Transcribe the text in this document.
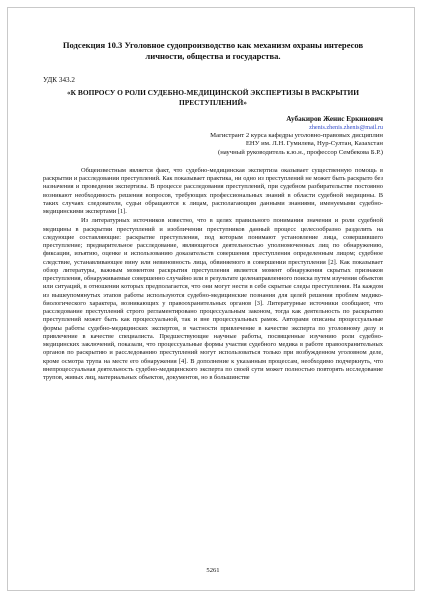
Подсекция 10.3 Уголовное судопроизводство как механизм охраны интересов личности, общества и государства.

УДК 343.2

«К ВОПРОСУ О РОЛИ СУДЕБНО-МЕДИЦИНСКОЙ ЭКСПЕРТИЗЫ В РАСКРЫТИИ ПРЕСТУПЛЕНИЙ»

Аубакиров Женис Еркинович

zhenis.zhenis.zhenis@mail.ru

Магистрант 2 курса кафедры уголовно-правовых дисциплин

ЕНУ им. Л.Н. Гумилева, Нур-Султан, Казахстан

(научный руководитель к.ю.н., профессор Сембекова Б.Р.)

Общеизвестным является факт, что судебно-медицинская экспертиза оказывает существенную помощь в раскрытии и расследовании преступлений. Как показывает практика, ни одно из преступлений не может быть раскрыто без назначения и проведения экспертизы. В процессе расследования преступлений, при судебном разбирательстве постоянно возникают необходимость решения вопросов, требующих профессиональных знаний в области судебной медицины. В таких случаях следователи, судьи обращаются к лицам, располагающим данными знаниями, именуемыми судебно-медицинскими экспертами [1].

Из литературных источников известно, что в целях правильного понимания значения и роли судебной медицины в раскрытии преступлений и изобличении преступников данный процесс целесообразно разделить на следующие составляющие: раскрытие преступления, под которым понимают установление лица, совершившего преступление; предварительное расследование, являющегося деятельностью уполномоченных лиц по обнаружению, фиксации, изъятию, оценке и использованию доказательств совершения преступления определенным лицом; судебное следствие, устанавливающее вину или невиновность лица, обвиняемого в совершении преступления [2]. Как показывает обзор литературы, важным моментом раскрытия преступления является момент обнаружения скрытых признаков преступления, обнаруживаемые совершенно случайно или в результате целенаправленного поиска путем изучения объектов или ситуаций, в отношении которых предполагается, что они могут нести в себе скрытые следы преступления. На каждом из вышеупомянутых этапов работы используются судебно-медицинские познания для целей решения проблем медико-биологического характера, возникающих у правоохранительных органов [3]. Литературные источники сообщают, что расследование преступлений строго регламентировано процессуальным законом, тогда как деятельность по раскрытию преступлений может быть как процессуальной, так и вне процессуальных рамок. Авторами описаны процессуальные формы работы судебно-медицинских экспертов, в частности привлечение в качестве эксперта по уголовному делу и привлечение в качестве специалиста. Предшествующие научные работы, посвященные изучению роли судебно-медицинских заключений, показали, что процессуальные формы участия судебного медика в работе правоохранительных органов по раскрытию и расследованию преступлений могут использоваться только при возбужденном уголовном деле, кроме осмотра трупа на месте его обнаружения [4]. В дополнение к указанным процессам, необходимо подчеркнуть, что внепроцессуальная деятельность судебно-медицинского эксперта по своей сути может полностью повторять исследование трупов, живых лиц, материальных объектов, документов, но в большинстве

5261
